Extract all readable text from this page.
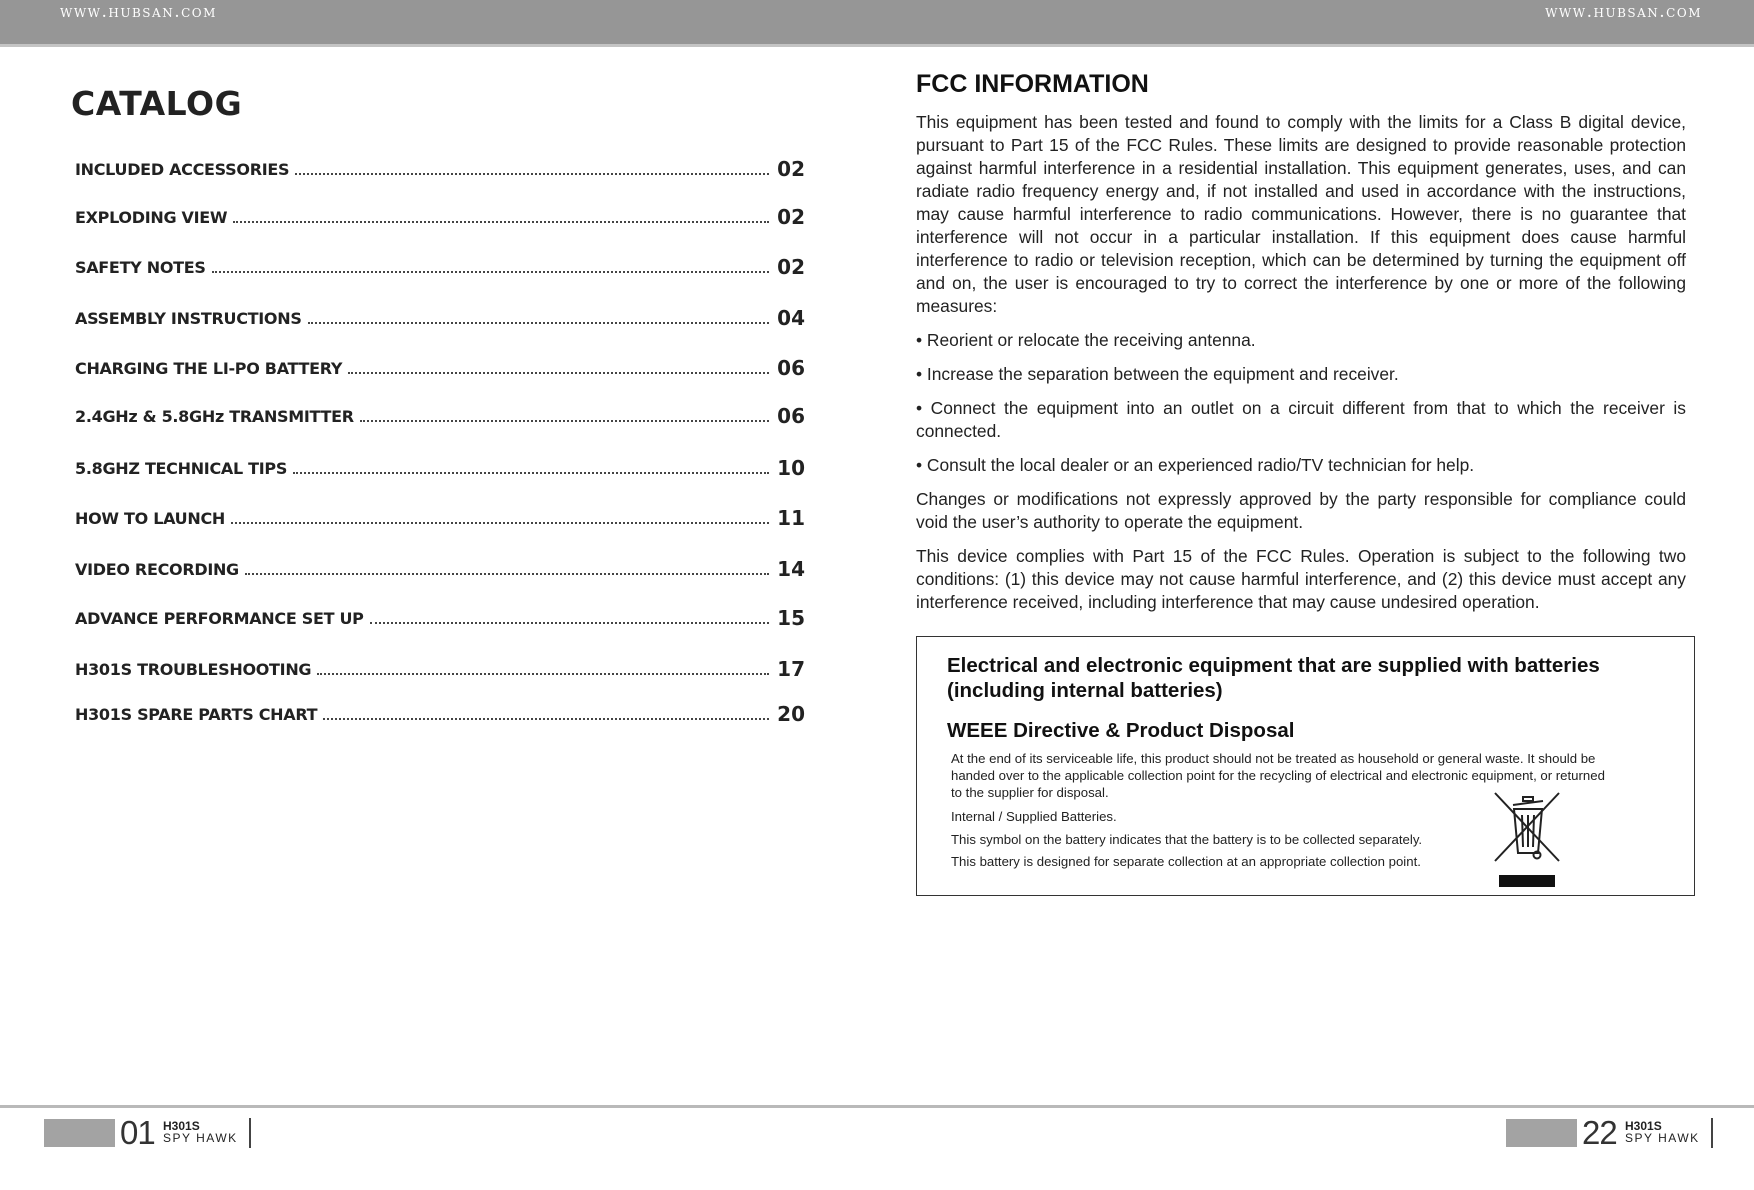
www.hubsan.com	www.hubsan.com
CATALOG
INCLUDED ACCESSORIES	02
EXPLODING VIEW	02
SAFETY NOTES	02
ASSEMBLY INSTRUCTIONS	04
CHARGING THE LI-PO BATTERY	06
2.4GHz & 5.8GHz TRANSMITTER	06
5.8GHZ TECHNICAL TIPS	10
HOW TO LAUNCH	11
VIDEO RECORDING	14
ADVANCE PERFORMANCE SET UP	15
H301S TROUBLESHOOTING	17
H301S SPARE PARTS CHART	20
FCC INFORMATION

This equipment has been tested and found to comply with the limits for a Class B digital device, pursuant to Part 15 of the FCC Rules. These limits are designed to provide reasonable protection against harmful interference in a residential installation. This equipment generates, uses, and can radiate radio frequency energy and, if not installed and used in accordance with the instructions, may cause harmful interference to radio communications. However, there is no guarantee that interference will not occur in a particular installation. If this equipment does cause harmful interference to radio or television reception, which can be determined by turning the equipment off and on, the user is encouraged to try to correct the interference by one or more of the following measures:

• Reorient or relocate the receiving antenna.

• Increase the separation between the equipment and receiver.

• Connect the equipment into an outlet on a circuit different from that to which the receiver is connected.

• Consult the local dealer or an experienced radio/TV technician for help.

Changes or modifications not expressly approved by the party responsible for compliance could void the user’s authority to operate the equipment.

This device complies with Part 15 of the FCC Rules. Operation is subject to the following two conditions: (1) this device may not cause harmful interference, and (2) this device must accept any interference received, including interference that may cause undesired operation.

Electrical and electronic equipment that are supplied with batteries (including internal batteries)
WEEE Directive & Product Disposal

At the end of its serviceable life, this product should not be treated as household or general waste. It should be handed over to the applicable collection point for the recycling of electrical and electronic equipment, or returned to the supplier for disposal.

Internal / Supplied Batteries.

This symbol on the battery indicates that the battery is to be collected separately.

This battery is designed for separate collection at an appropriate collection point.

01 H301S
SPY HAWK	22 H301S
SPY HAWK
